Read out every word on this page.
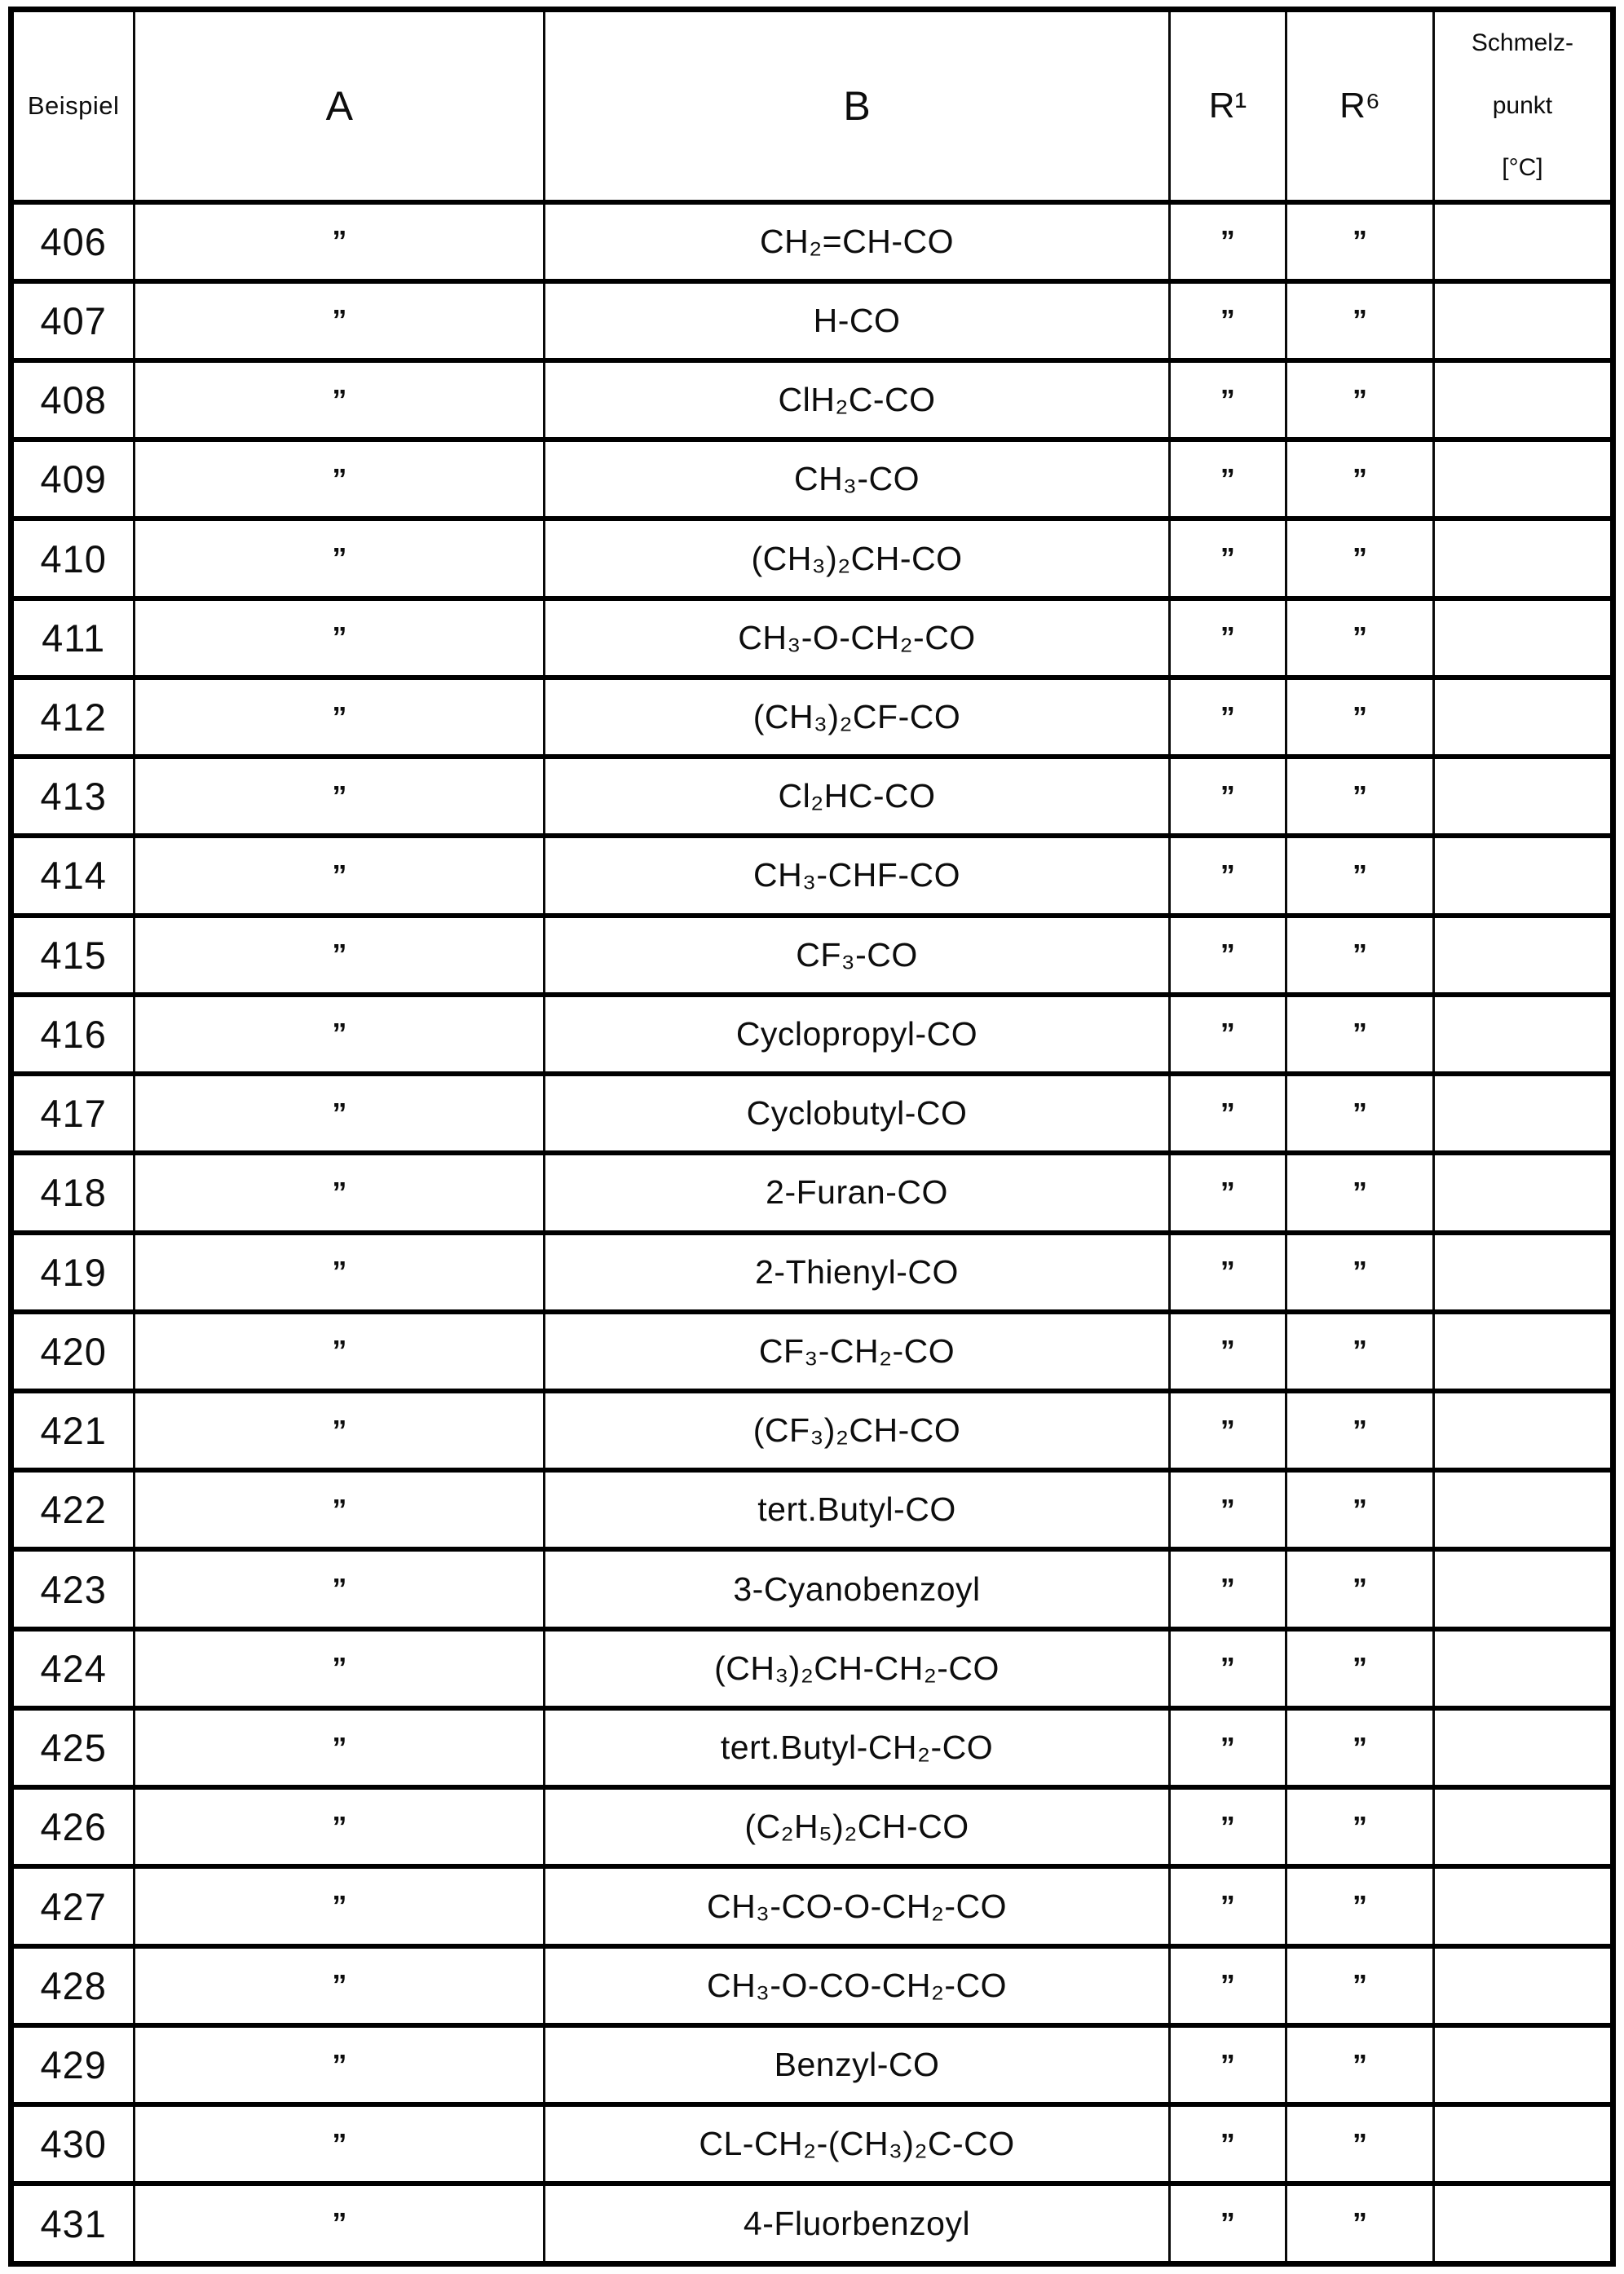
Beispiel	A	B	R¹	R⁶	Schmelz-
punkt
[°C]

406	”	CH₂=CH-CO	”	”	
407	”	H-CO	”	”	
408	”	ClH₂C-CO	”	”	
409	”	CH₃-CO	”	”	
410	”	(CH₃)₂CH-CO	”	”	
411	”	CH₃-O-CH₂-CO	”	”	
412	”	(CH₃)₂CF-CO	”	”	
413	”	Cl₂HC-CO	”	”	
414	”	CH₃-CHF-CO	”	”	
415	”	CF₃-CO	”	”	
416	”	Cyclopropyl-CO	”	”	
417	”	Cyclobutyl-CO	”	”	
418	”	2-Furan-CO	”	”	
419	”	2-Thienyl-CO	”	”	
420	”	CF₃-CH₂-CO	”	”	
421	”	(CF₃)₂CH-CO	”	”	
422	”	tert.Butyl-CO	”	”	
423	”	3-Cyanobenzoyl	”	”	
424	”	(CH₃)₂CH-CH₂-CO	”	”	
425	”	tert.Butyl-CH₂-CO	”	”	
426	”	(C₂H₅)₂CH-CO	”	”	
427	”	CH₃-CO-O-CH₂-CO	”	”	
428	”	CH₃-O-CO-CH₂-CO	”	”	
429	”	Benzyl-CO	”	”	
430	”	CL-CH₂-(CH₃)₂C-CO	”	”	
431	”	4-Fluorbenzoyl	”	”	
